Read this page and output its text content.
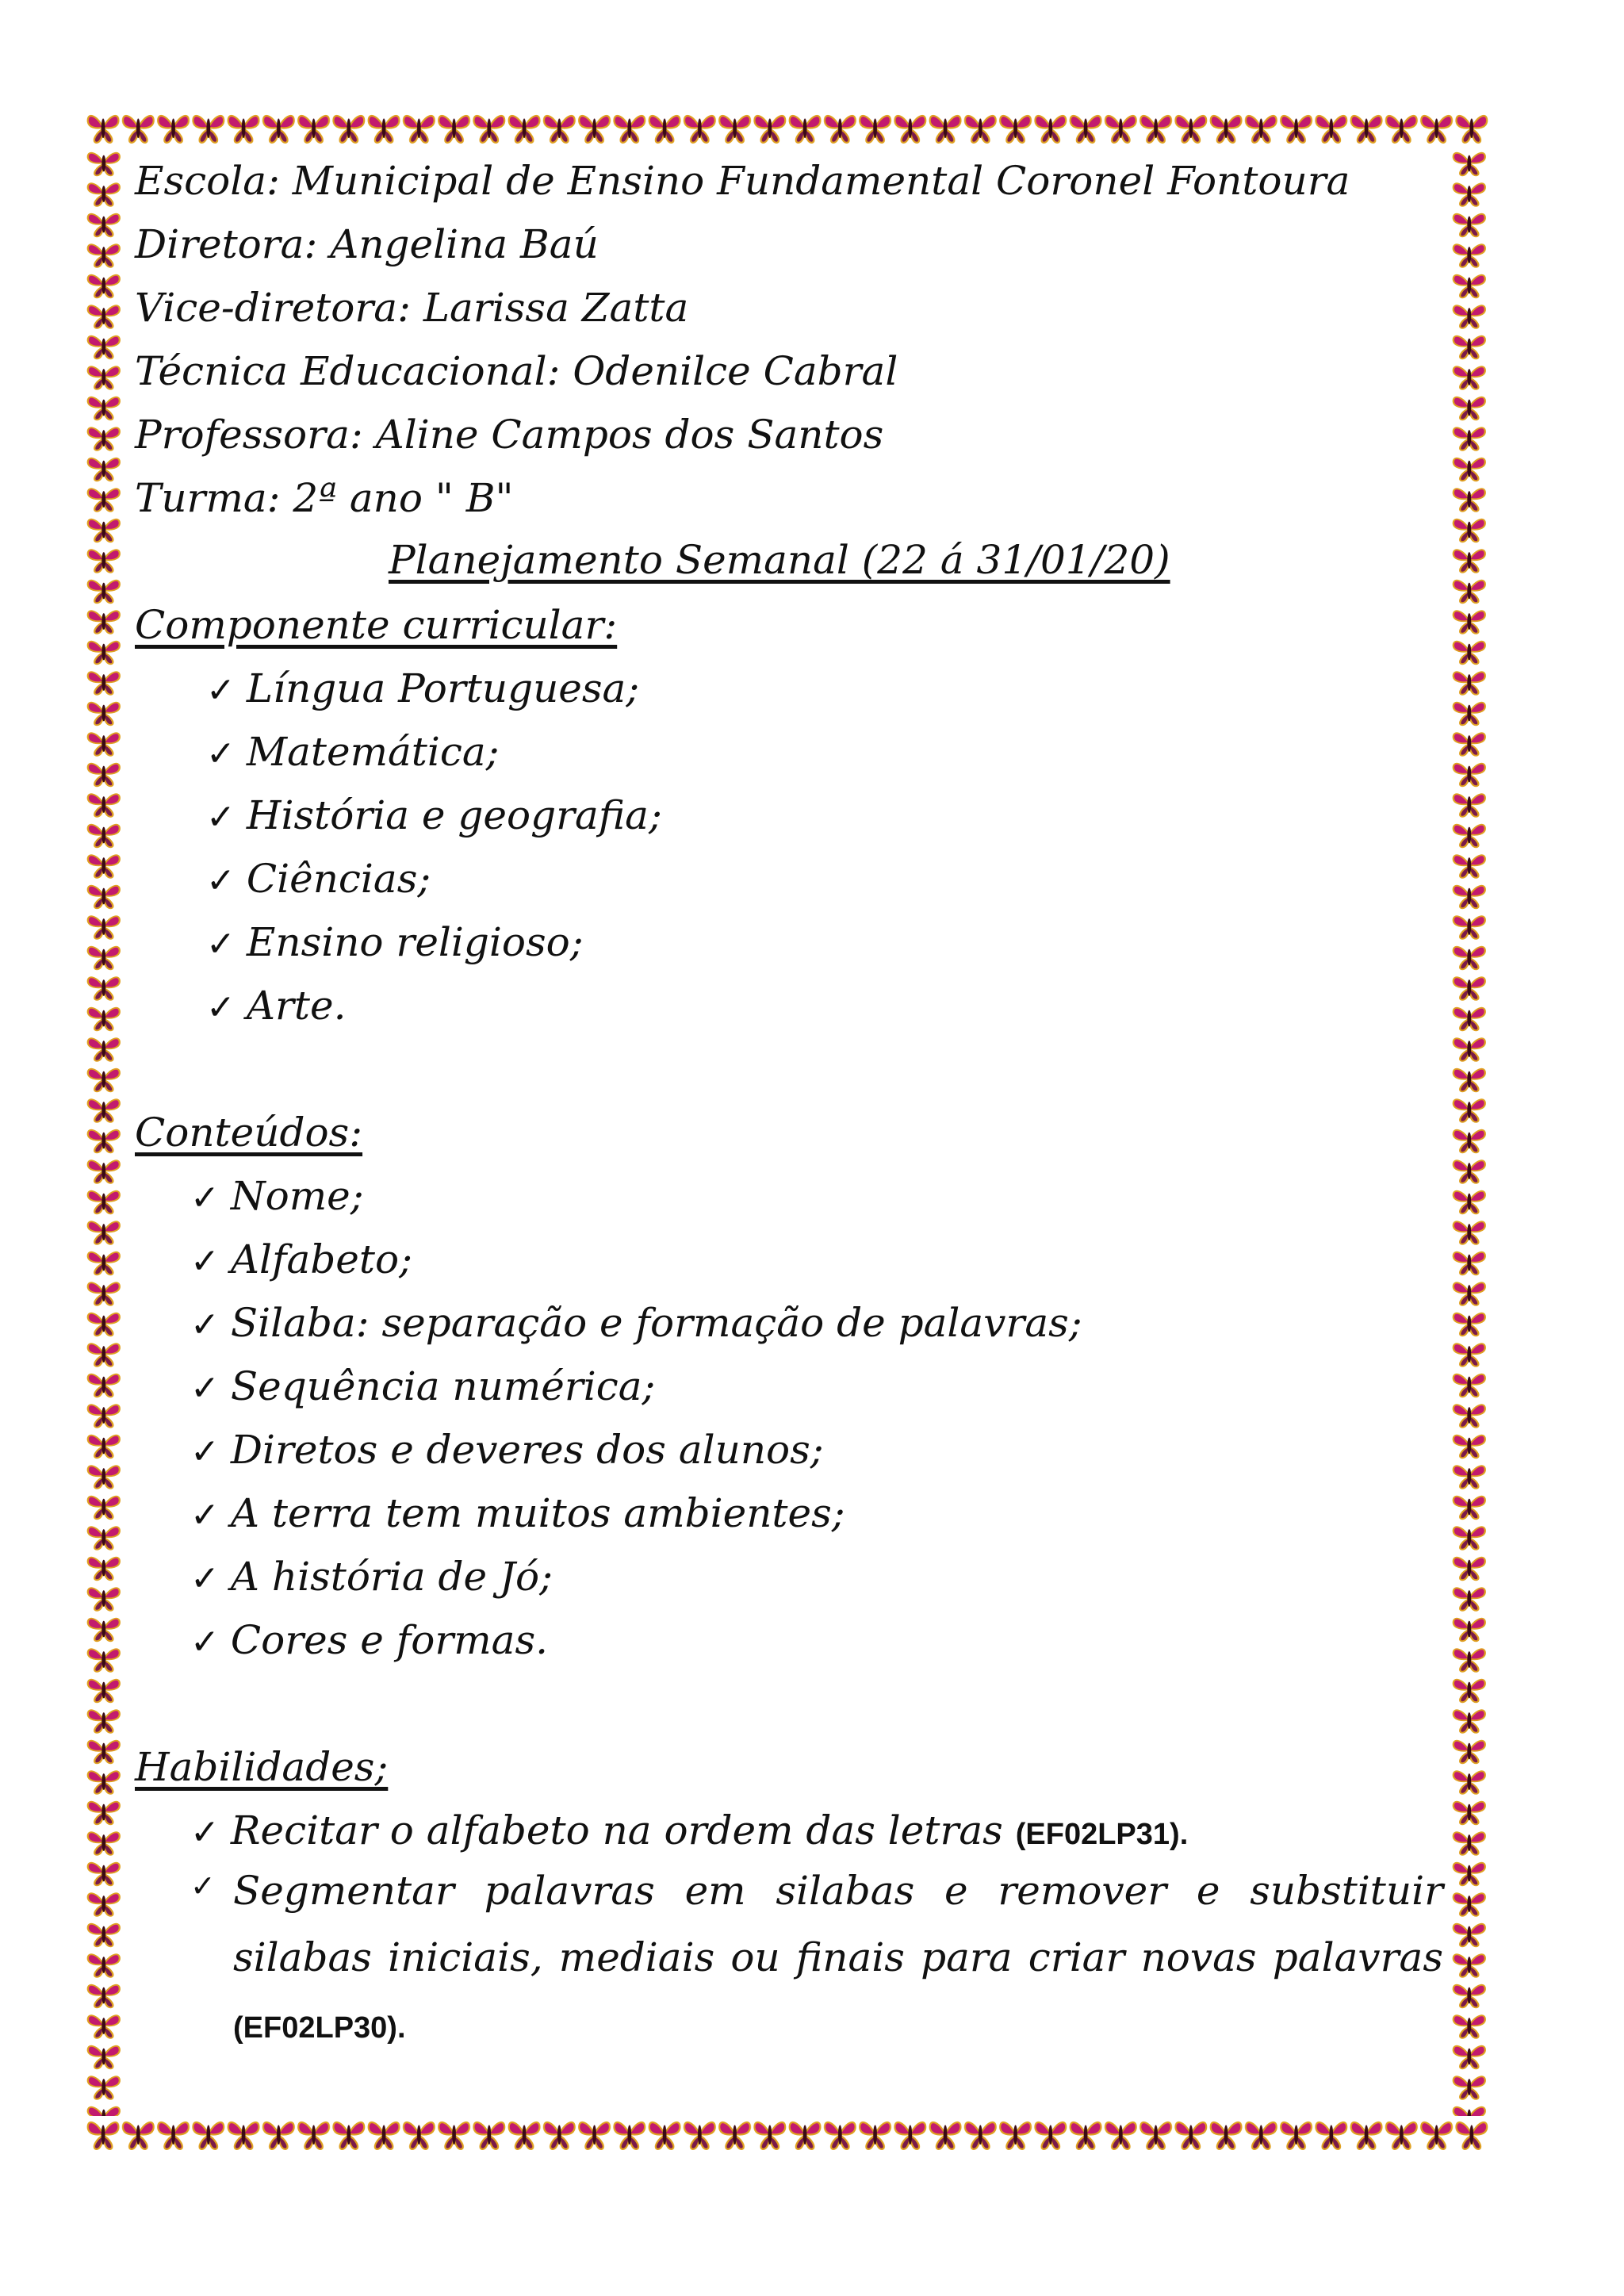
Escola: Municipal de Ensino Fundamental Coronel Fontoura
Diretora: Angelina Baú
Vice-diretora: Larissa Zatta
Técnica Educacional: Odenilce Cabral
Professora: Aline Campos dos Santos
Turma: 2ª ano " B"
Planejamento Semanal (22 á 31/01/20)
Componente curricular:
✓ Língua Portuguesa;
✓ Matemática;
✓ História e geografia;
✓ Ciências;
✓ Ensino religioso;
✓ Arte.
Conteúdos:
✓ Nome;
✓ Alfabeto;
✓ Silaba: separação e formação de palavras;
✓ Sequência numérica;
✓ Diretos e deveres dos alunos;
✓ A terra tem muitos ambientes;
✓ A história de Jó;
✓ Cores e formas.
Habilidades;
✓ Recitar o alfabeto na ordem das letras (EF02LP31).
✓ Segmentar palavras em silabas e remover e substituir silabas iniciais, mediais ou finais para criar novas palavras (EF02LP30).
